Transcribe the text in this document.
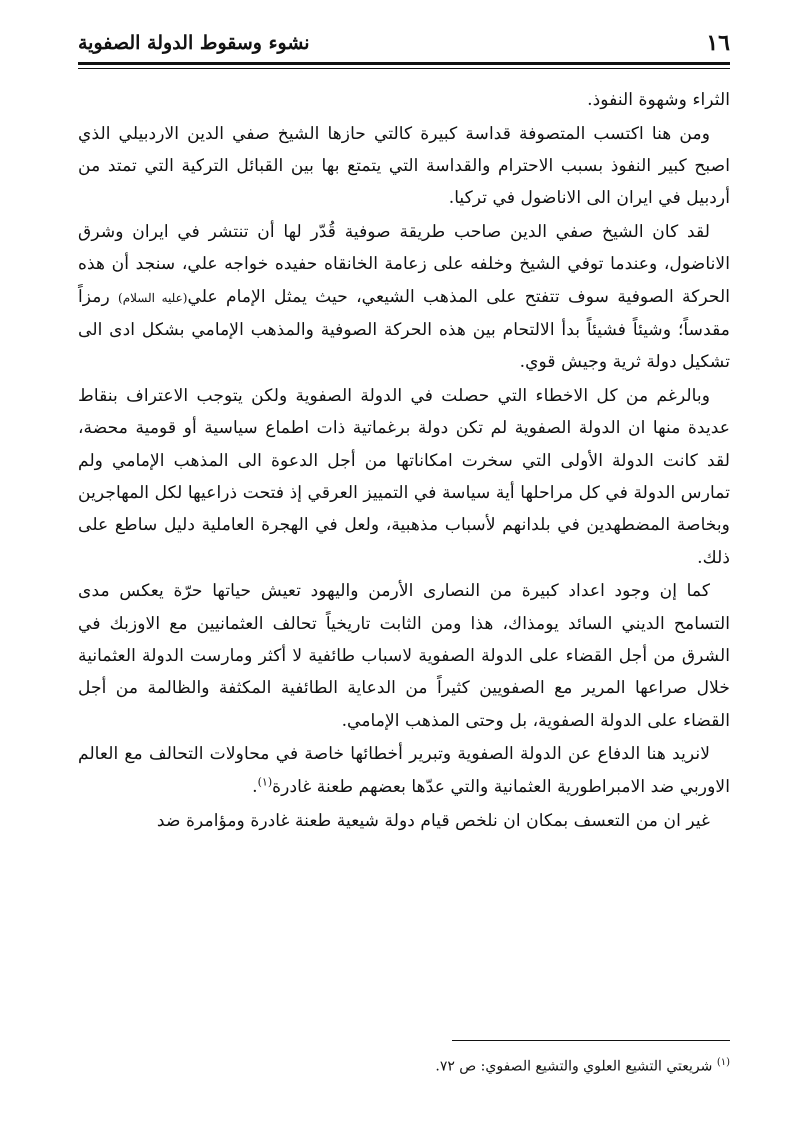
١٦
نشوء وسقوط الدولة الصفوية

الثراء وشهوة النفوذ.

ومن هنا اكتسب المتصوفة قداسة كبيرة كالتي حازها الشيخ صفي الدين الاردبيلي الذي اصبح كبير النفوذ بسبب الاحترام والقداسة التي يتمتع بها بين القبائل التركية التي تمتد من أردبيل في ايران الى الاناضول في تركيا.

لقد كان الشيخ صفي الدين صاحب طريقة صوفية قُدّر لها أن تنتشر في ايران وشرق الاناضول، وعندما توفي الشيخ وخلفه على زعامة الخانقاه حفيده خواجه علي، سنجد أن هذه الحركة الصوفية سوف تتفتح على المذهب الشيعي، حيث يمثل الإمام علي(عليه السلام) رمزاً مقدساً؛ وشيئاً فشيئاً بدأ الالتحام بين هذه الحركة الصوفية والمذهب الإمامي بشكل ادى الى تشكيل دولة ثرية وجيش قوي.

وبالرغم من كل الاخطاء التي حصلت في الدولة الصفوية ولكن يتوجب الاعتراف بنقاط عديدة منها ان الدولة الصفوية لم تكن دولة برغماتية ذات اطماع سياسية أو قومية محضة، لقد كانت الدولة الأولى التي سخرت امكاناتها من أجل الدعوة الى المذهب الإمامي ولم تمارس الدولة في كل مراحلها أية سياسة في التمييز العرقي إذ فتحت ذراعيها لكل المهاجرين وبخاصة المضطهدين في بلدانهم لأسباب مذهبية، ولعل في الهجرة العاملية دليل ساطع على ذلك.

كما إن وجود اعداد كبيرة من النصارى الأرمن واليهود تعيش حياتها حرّة يعكس مدى التسامح الديني السائد يومذاك، هذا ومن الثابت تاريخياً تحالف العثمانيين مع الاوزبك في الشرق من أجل القضاء على الدولة الصفوية لاسباب طائفية لا أكثر ومارست الدولة العثمانية خلال صراعها المرير مع الصفويين كثيراً من الدعاية الطائفية المكثفة والظالمة من أجل القضاء على الدولة الصفوية، بل وحتى المذهب الإمامي.

لانريد هنا الدفاع عن الدولة الصفوية وتبرير أخطائها خاصة في محاولات التحالف مع العالم الاوربي ضد الامبراطورية العثمانية والتي عدّها بعضهم طعنة غادرة$^{(١)}$.

غير ان من التعسف بمكان ان نلخص قيام دولة شيعية طعنة غادرة ومؤامرة ضد

$^{(١)}$ شريعتي التشيع العلوي والتشيع الصفوي: ص ٧٢.
